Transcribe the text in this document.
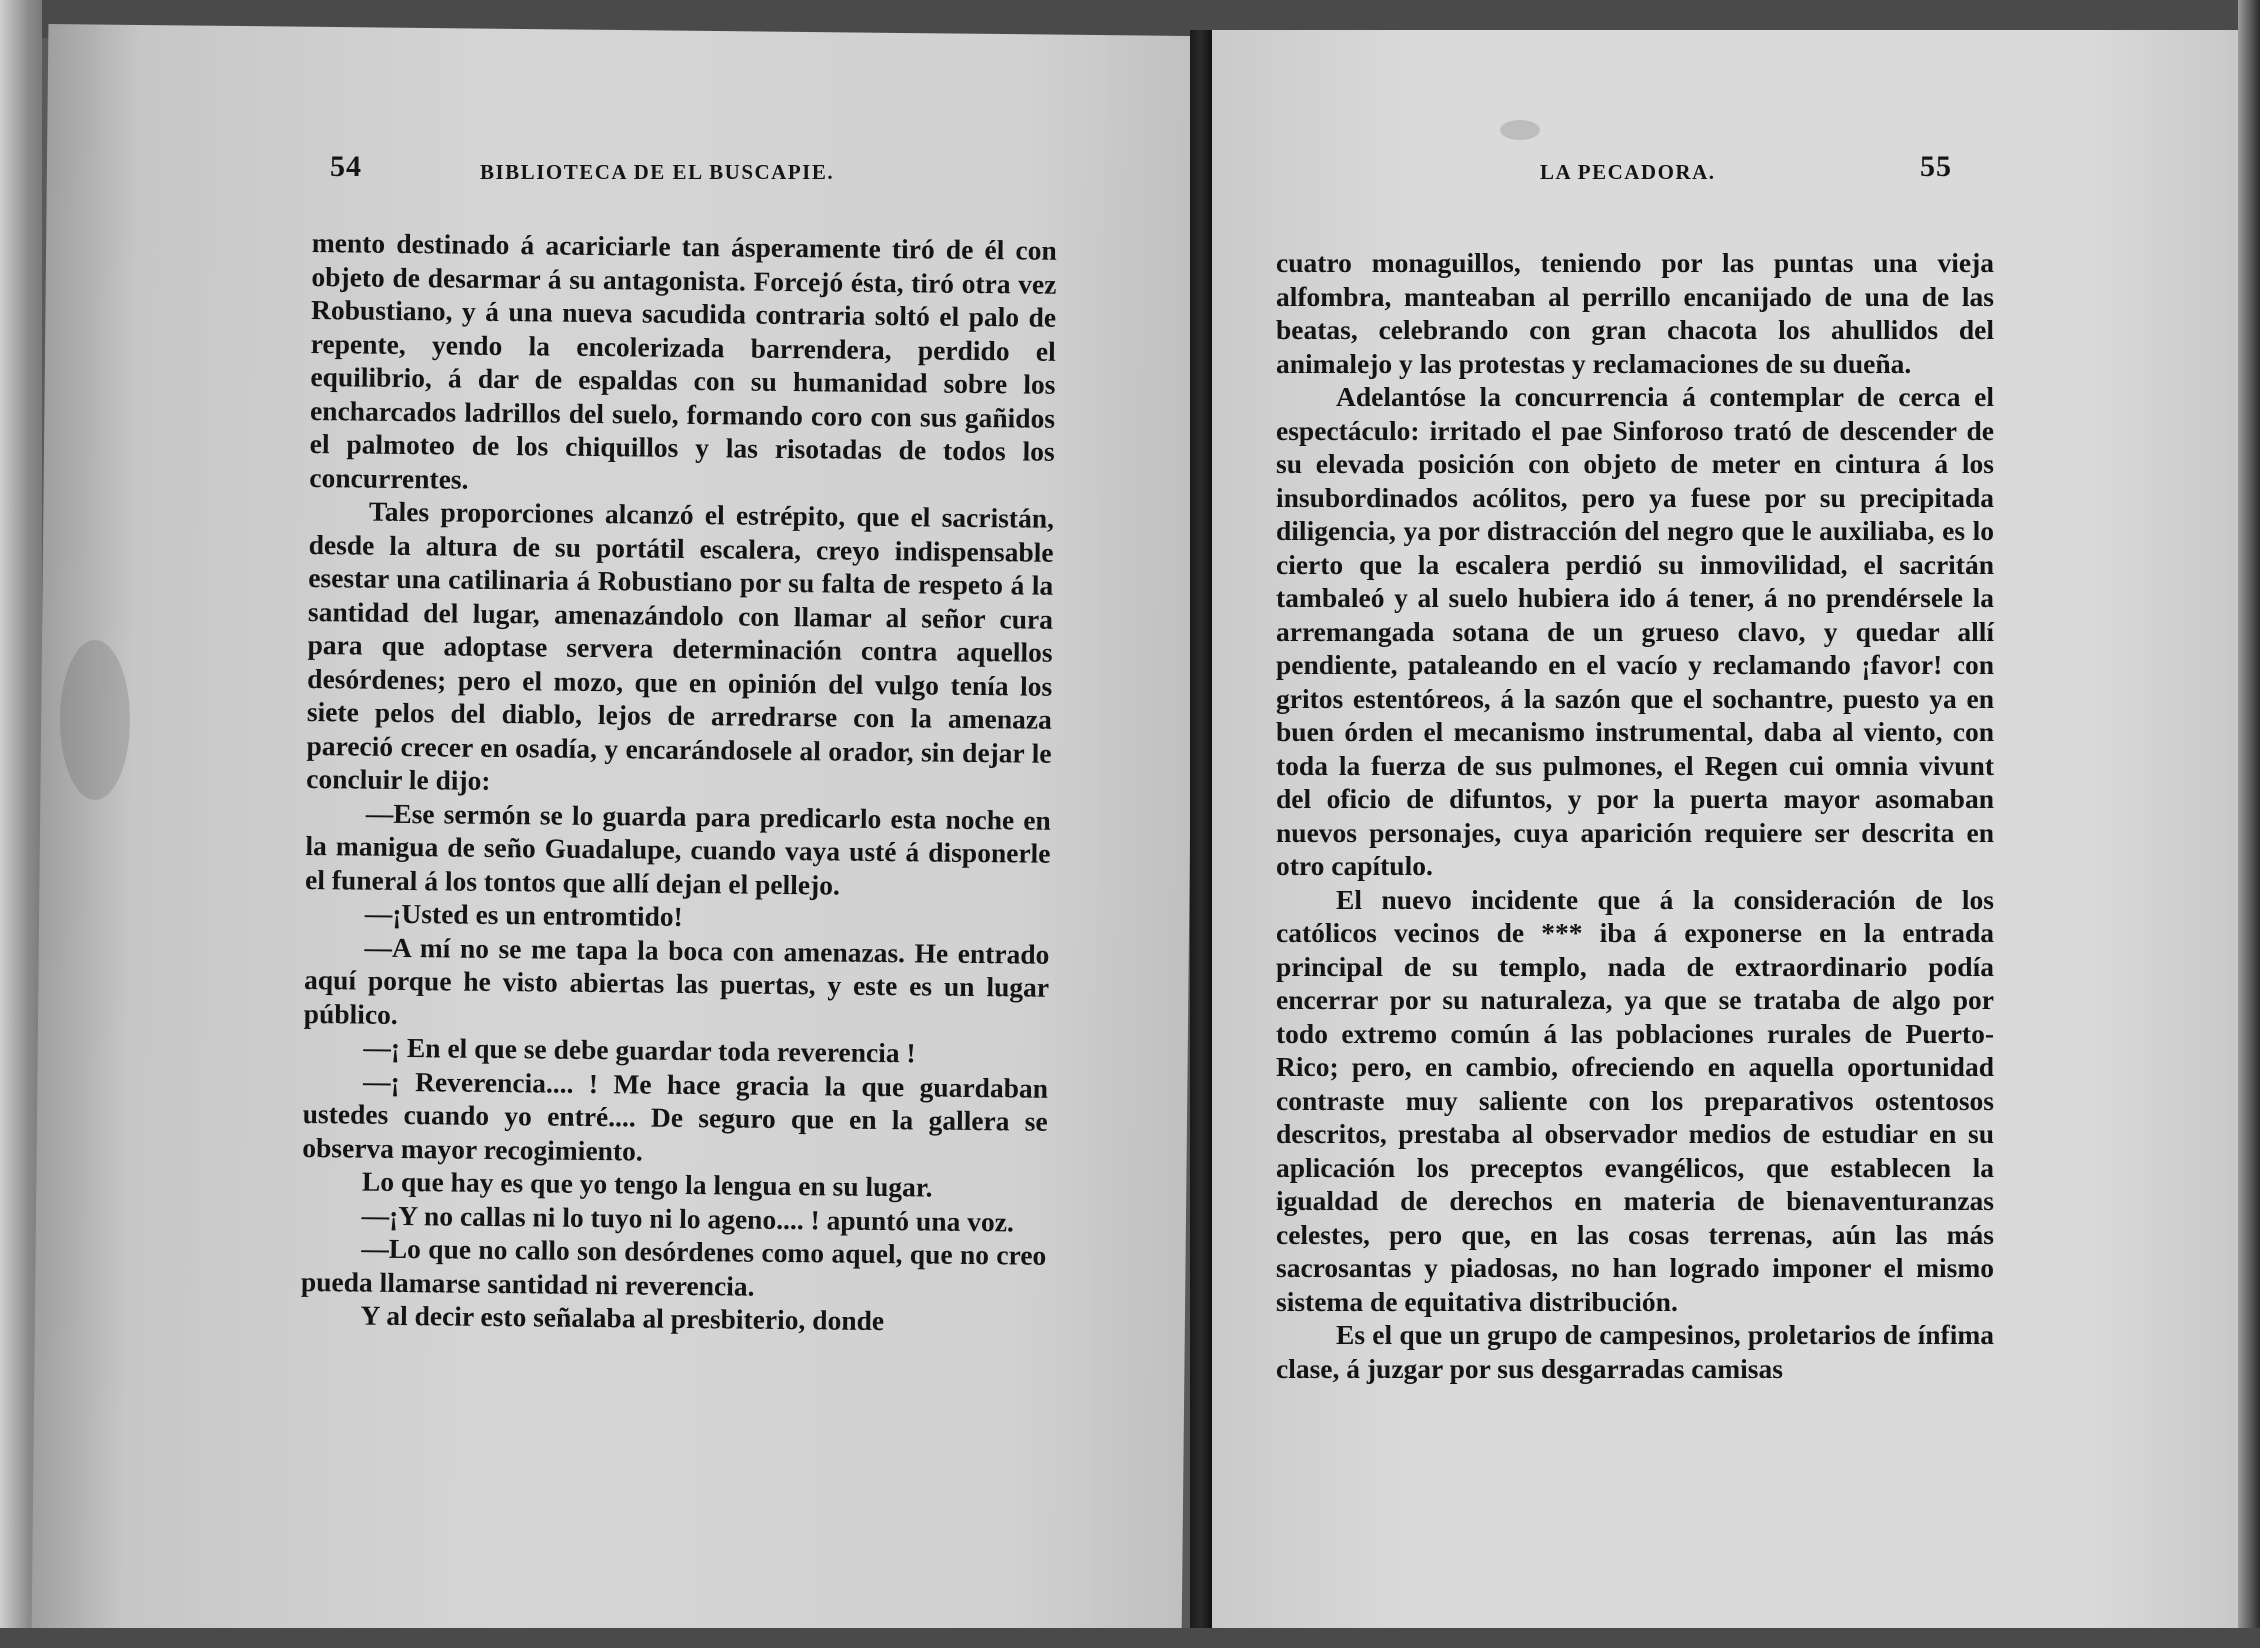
54	BIBLIOTECA DE EL BUSCAPIE.	LA PECADORA.	55

mento destinado á acariciarle tan ásperamente tiró de él con objeto de desarmar á su antagonista. Forcejó ésta, tiró otra vez Robustiano, y á una nueva sacudida contraria soltó el palo de repente, yendo la encolerizada barrendera, perdido el equilibrio, á dar de espaldas con su humanidad sobre los encharcados ladrillos del suelo, formando coro con sus gañidos el palmoteo de los chiquillos y las risotadas de todos los concurrentes.

Tales proporciones alcanzó el estrépito, que el sacristán, desde la altura de su portátil escalera, creyo indispensable esestar una catilinaria á Robustiano por su falta de respeto á la santidad del lugar, amenazándolo con llamar al señor cura para que adoptase servera determinación contra aquellos desórdenes; pero el mozo, que en opinión del vulgo tenía los siete pelos del diablo, lejos de arredrarse con la amenaza pareció crecer en osadía, y encarándosele al orador, sin dejar le concluir le dijo:

—Ese sermón se lo guarda para predicarlo esta noche en la manigua de seño Guadalupe, cuando vaya usté á disponerle el funeral á los tontos que allí dejan el pellejo.

—¡Usted es un entromtido!

—A mí no se me tapa la boca con amenazas. He entrado aquí porque he visto abiertas las puertas, y este es un lugar público.

—¡ En el que se debe guardar toda reverencia !

—¡ Reverencia.... ! Me hace gracia la que guardaban ustedes cuando yo entré.... De seguro que en la gallera se observa mayor recogimiento.

Lo que hay es que yo tengo la lengua en su lugar.

—¡Y no callas ni lo tuyo ni lo ageno.... ! apuntó una voz.

—Lo que no callo son desórdenes como aquel, que no creo pueda llamarse santidad ni reverencia.

Y al decir esto señalaba al presbiterio, donde

cuatro monaguillos, teniendo por las puntas una vieja alfombra, manteaban al perrillo encanijado de una de las beatas, celebrando con gran chacota los ahullidos del animalejo y las protestas y reclamaciones de su dueña.

Adelantóse la concurrencia á contemplar de cerca el espectáculo: irritado el pae Sinforoso trató de descender de su elevada posición con objeto de meter en cintura á los insubordinados acólitos, pero ya fuese por su precipitada diligencia, ya por distracción del negro que le auxiliaba, es lo cierto que la escalera perdió su inmovilidad, el sacritán tambaleó y al suelo hubiera ido á tener, á no prendérsele la arremangada sotana de un grueso clavo, y quedar allí pendiente, pataleando en el vacío y reclamando ¡favor! con gritos estentóreos, á la sazón que el sochantre, puesto ya en buen órden el mecanismo instrumental, daba al viento, con toda la fuerza de sus pulmones, el Regen cui omnia vivunt del oficio de difuntos, y por la puerta mayor asomaban nuevos personajes, cuya aparición requiere ser descrita en otro capítulo.

El nuevo incidente que á la consideración de los católicos vecinos de *** iba á exponerse en la entrada principal de su templo, nada de extraordinario podía encerrar por su naturaleza, ya que se trataba de algo por todo extremo común á las poblaciones rurales de Puerto-Rico; pero, en cambio, ofreciendo en aquella oportunidad contraste muy saliente con los preparativos ostentosos descritos, prestaba al observador medios de estudiar en su aplicación los preceptos evangélicos, que establecen la igualdad de derechos en materia de bienaventuranzas celestes, pero que, en las cosas terrenas, aún las más sacrosantas y piadosas, no han logrado imponer el mismo sistema de equitativa distribución.

Es el que un grupo de campesinos, proletarios de ínfima clase, á juzgar por sus desgarradas camisas
